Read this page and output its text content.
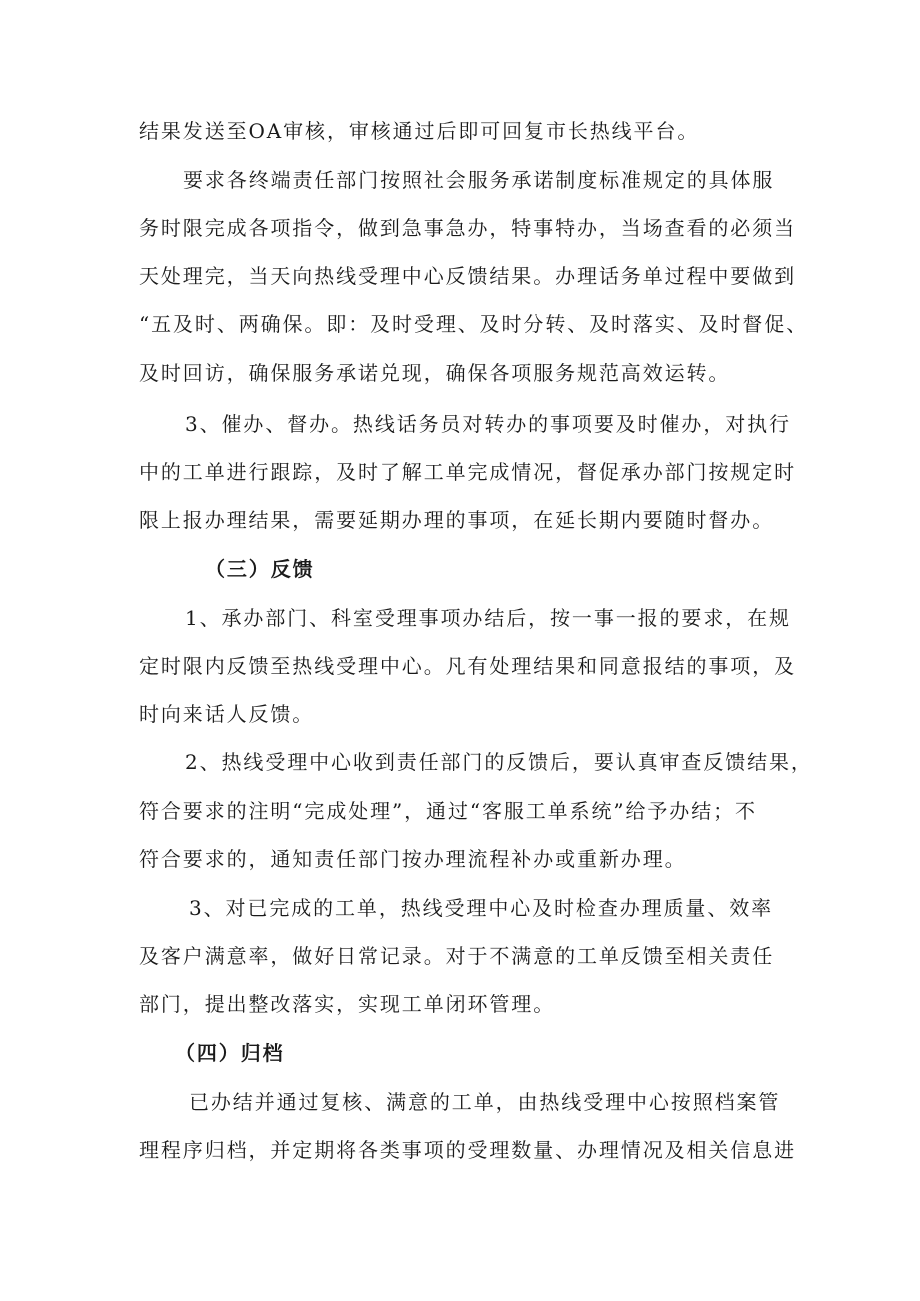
结果发送至OA审核，审核通过后即可回复市长热线平台。
要求各终端责任部门按照社会服务承诺制度标准规定的具体服
务时限完成各项指令，做到急事急办，特事特办，当场查看的必须当
天处理完，当天向热线受理中心反馈结果。办理话务单过程中要做到
“五及时、两确保。即：及时受理、及时分转、及时落实、及时督促、
及时回访，确保服务承诺兑现，确保各项服务规范高效运转。
3、催办、督办。热线话务员对转办的事项要及时催办，对执行
中的工单进行跟踪，及时了解工单完成情况，督促承办部门按规定时
限上报办理结果，需要延期办理的事项，在延长期内要随时督办。
（三）反馈
1、承办部门、科室受理事项办结后，按一事一报的要求，在规
定时限内反馈至热线受理中心。凡有处理结果和同意报结的事项，及
时向来话人反馈。
2、热线受理中心收到责任部门的反馈后，要认真审查反馈结果，
符合要求的注明“完成处理”，通过“客服工单系统”给予办结；不
符合要求的，通知责任部门按办理流程补办或重新办理。
3、对已完成的工单，热线受理中心及时检查办理质量、效率
及客户满意率，做好日常记录。对于不满意的工单反馈至相关责任
部门，提出整改落实，实现工单闭环管理。
（四）归档
已办结并通过复核、满意的工单，由热线受理中心按照档案管
理程序归档，并定期将各类事项的受理数量、办理情况及相关信息进
